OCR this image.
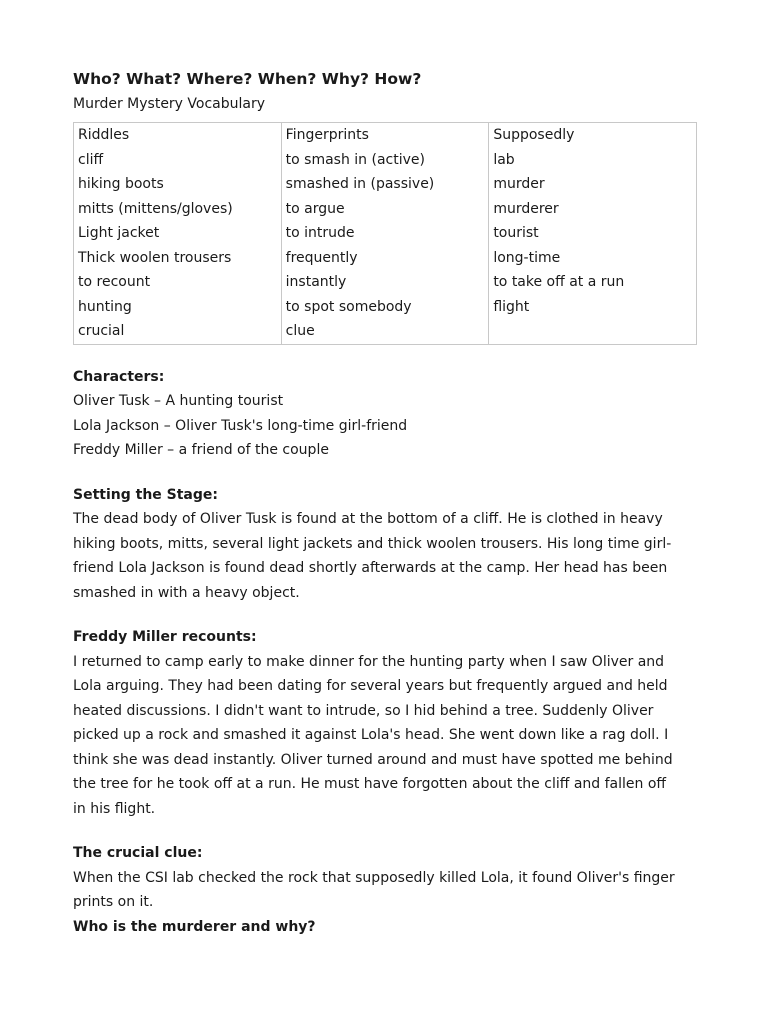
Who? What? Where? When? Why? How?

Murder Mystery Vocabulary

Riddles	Fingerprints	Supposedly
cliff	to smash in (active)	lab
hiking boots	smashed in (passive)	murder
mitts (mittens/gloves)	to argue	murderer
Light jacket	to intrude	tourist
Thick woolen trousers	frequently	long-time
to recount	instantly	to take off at a run
hunting	to spot somebody	flight
crucial	clue	

Characters:

Oliver Tusk – A hunting tourist

Lola Jackson – Oliver Tusk's long-time girl-friend

Freddy Miller – a friend of the couple

Setting the Stage:

The dead body of Oliver Tusk is found at the bottom of a cliff. He is clothed in heavy

hiking boots, mitts, several light jackets and thick woolen trousers. His long time girl-

friend Lola Jackson is found dead shortly afterwards at the camp. Her head has been

smashed in with a heavy object.

Freddy Miller recounts:

I returned to camp early to make dinner for the hunting party when I saw Oliver and

Lola arguing. They had been dating for several years but frequently argued and held

heated discussions. I didn't want to intrude, so I hid behind a tree. Suddenly Oliver

picked up a rock and smashed it against Lola's head. She went down like a rag doll. I

think she was dead instantly. Oliver turned around and must have spotted me behind

the tree for he took off at a run. He must have forgotten about the cliff and fallen off

in his flight.

The crucial clue:

When the CSI lab checked the rock that supposedly killed Lola, it found Oliver's finger

prints on it.

Who is the murderer and why?
